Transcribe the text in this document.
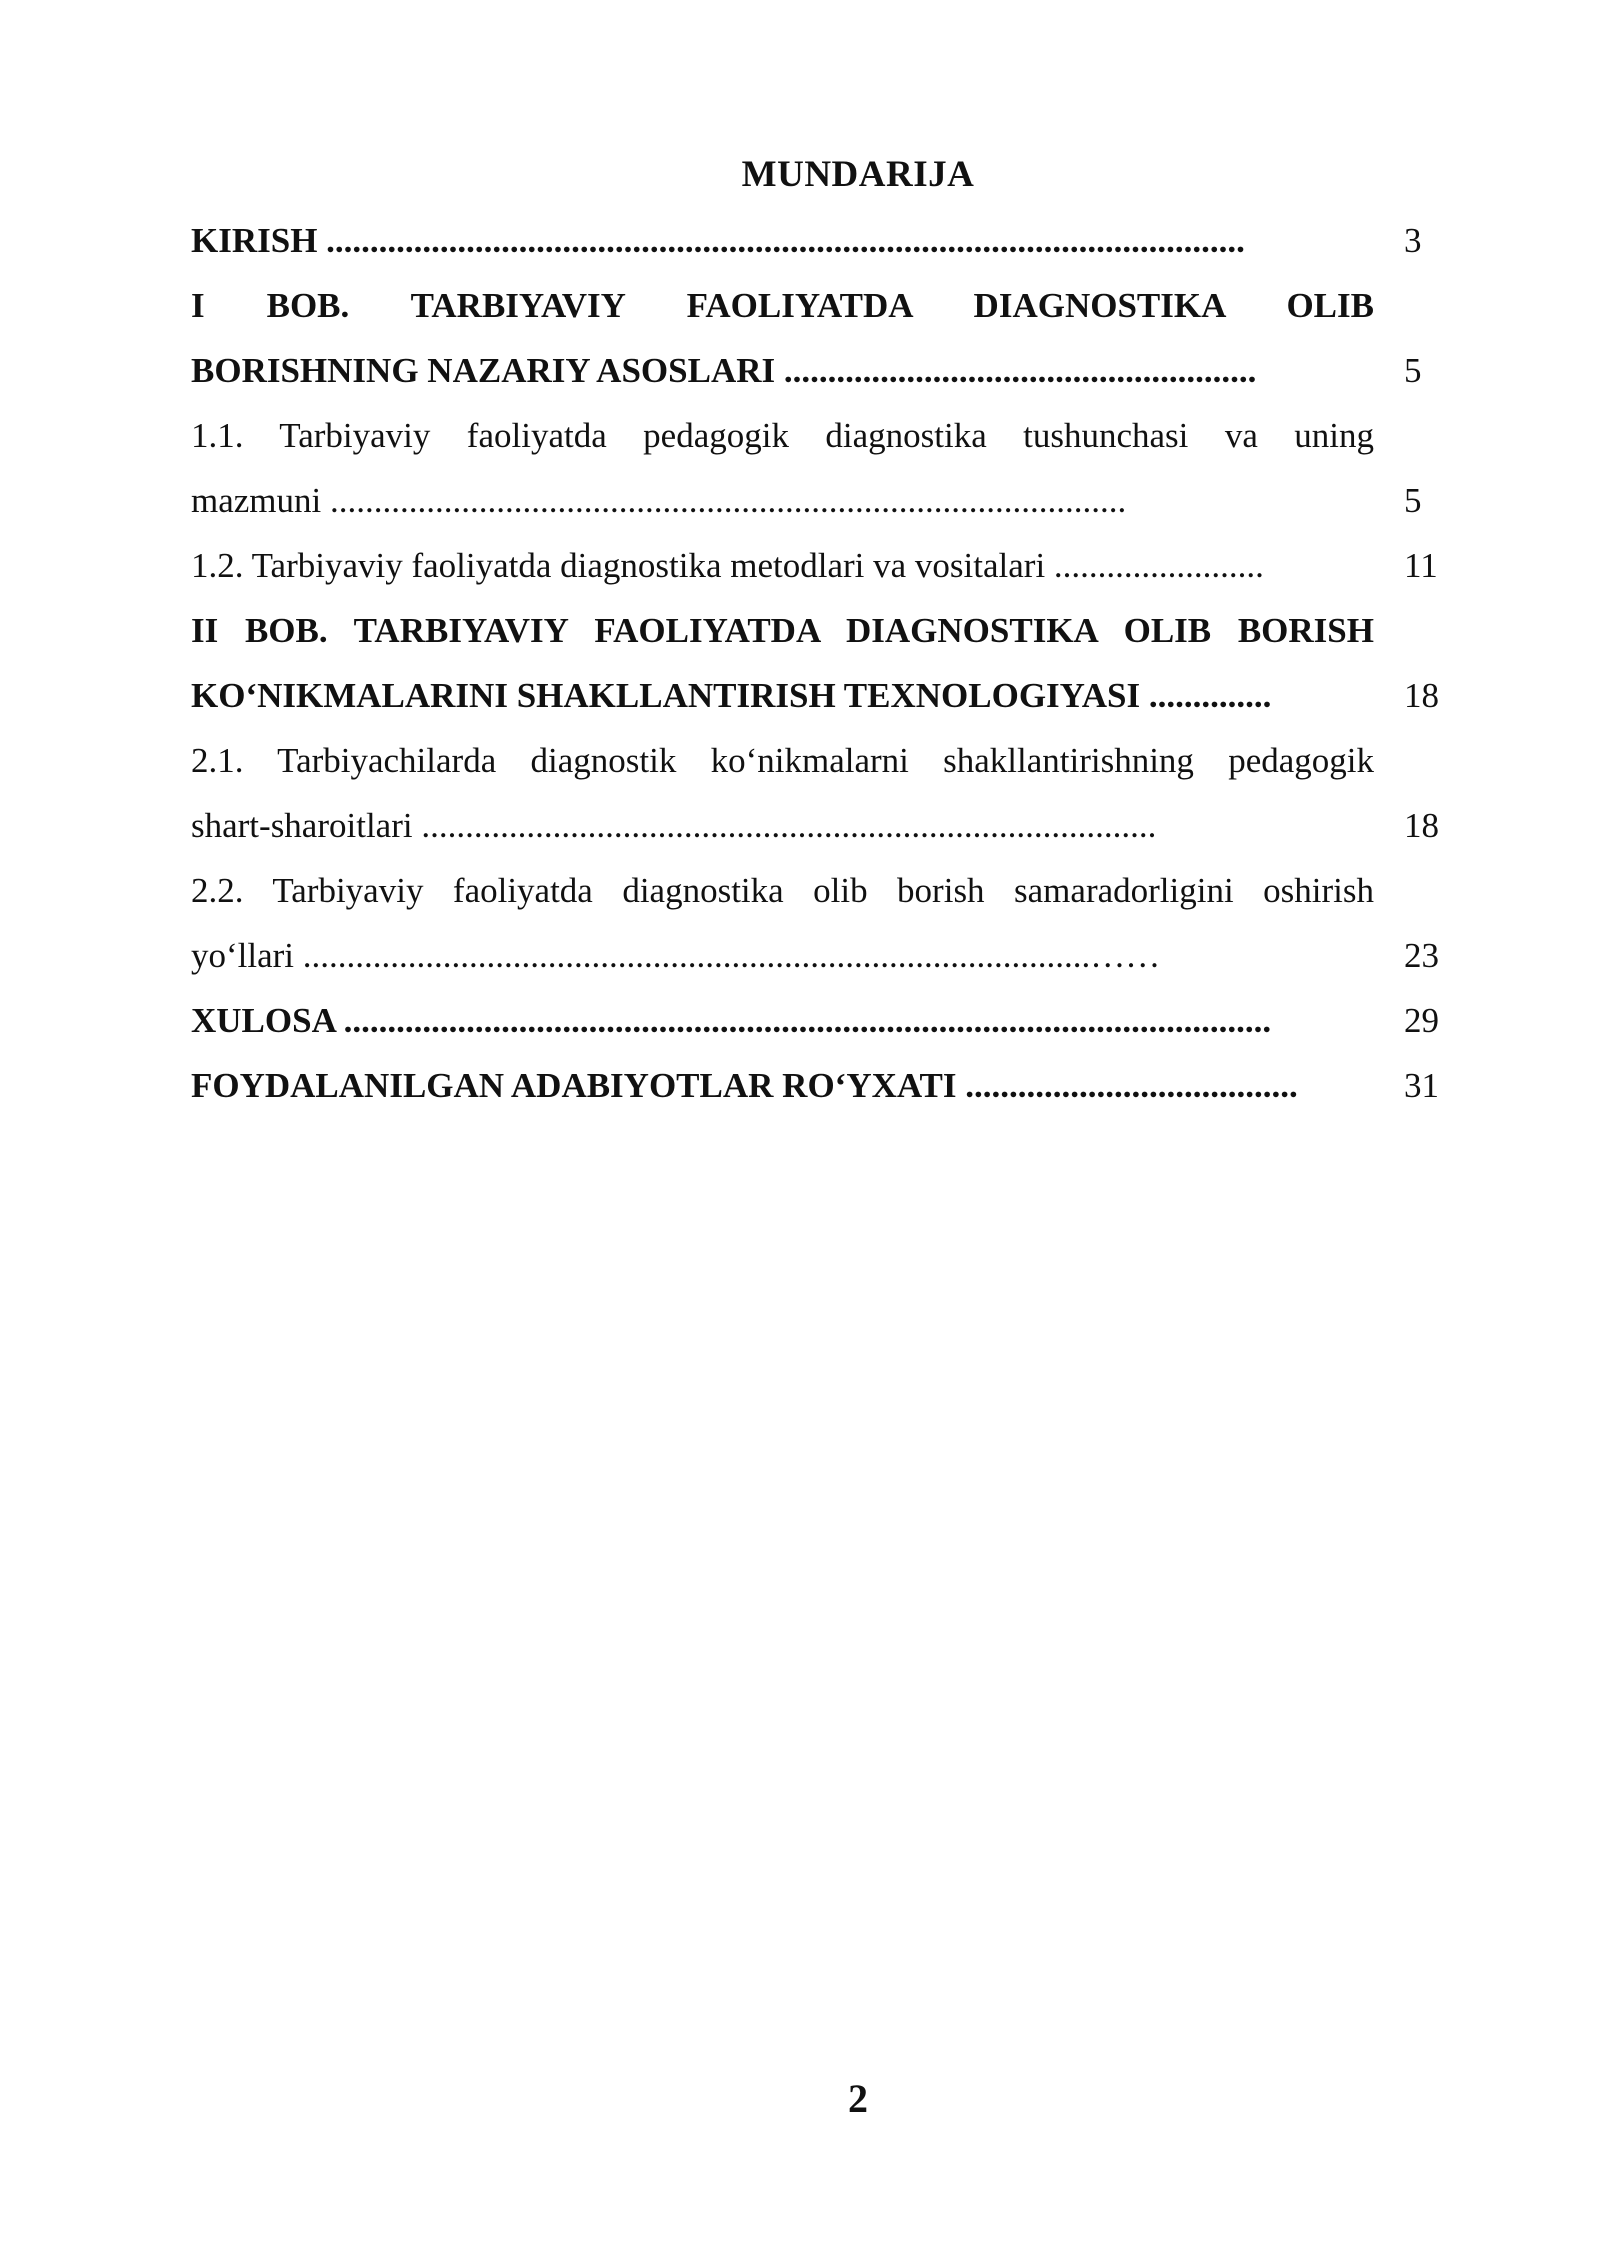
MUNDARIJA
KIRISH .........................................................................................................	3
I BOB. TARBIYAVIY FAOLIYATDA DIAGNOSTIKA OLIB
BORISHNING NAZARIY ASOSLARI ......................................................	5
1.1. Tarbiyaviy faoliyatda pedagogik diagnostika tushunchasi va uning
mazmuni ...........................................................................................	5
1.2. Tarbiyaviy faoliyatda diagnostika metodlari va vositalari ........................	11
II BOB. TARBIYAVIY FAOLIYATDA DIAGNOSTIKA OLIB BORISH
KO‘NIKMALARINI SHAKLLANTIRISH TEXNOLOGIYASI ..............	18
2.1. Tarbiyachilarda diagnostik ko‘nikmalarni shakllantirishning pedagogik
shart-sharoitlari ....................................................................................	18
2.2. Tarbiyaviy faoliyatda diagnostika olib borish samaradorligini oshirish
yo‘llari ..........................................................................................……	23
XULOSA ..........................................................................................................	29
FOYDALANILGAN ADABIYOTLAR RO‘YXATI ......................................	31
2
